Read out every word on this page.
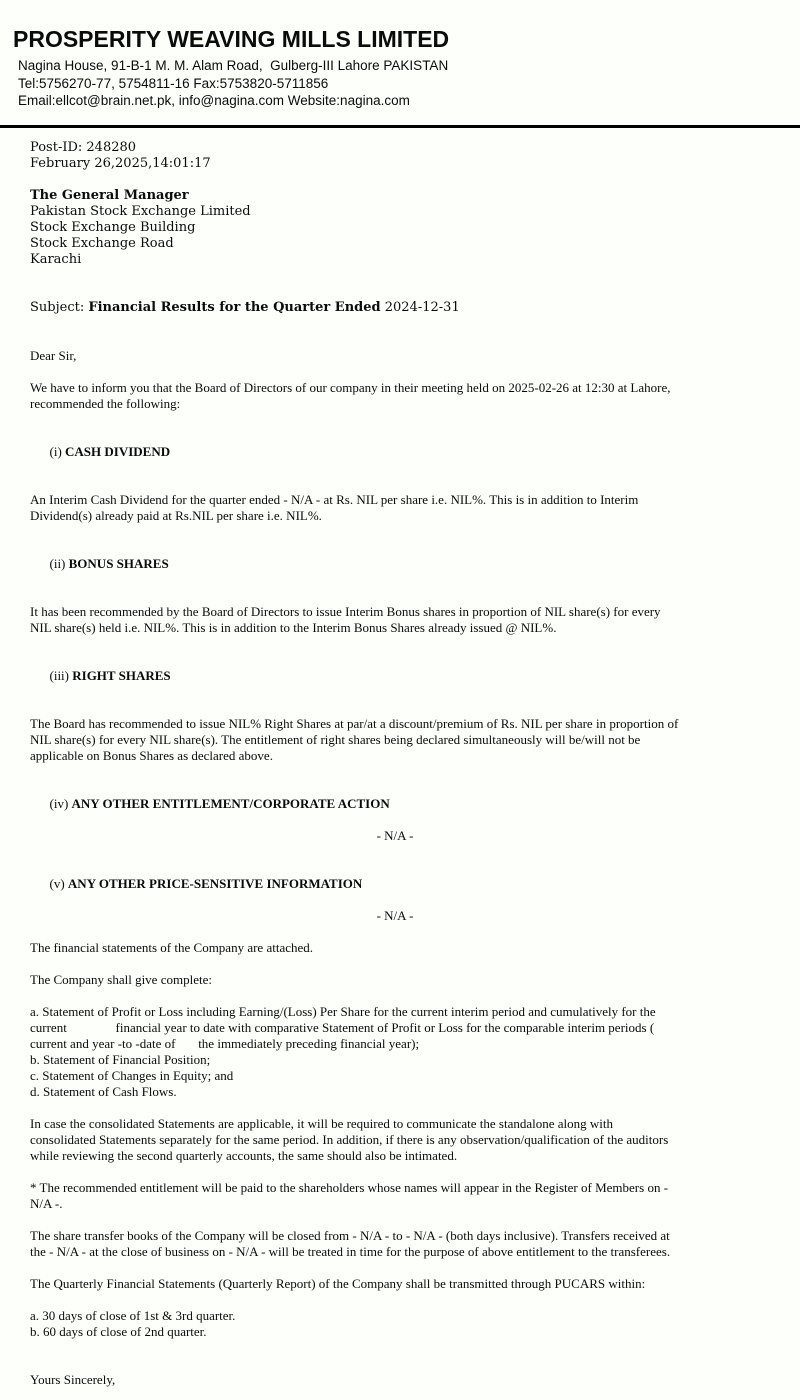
PROSPERITY WEAVING MILLS LIMITED
Nagina House, 91-B-1 M. M. Alam Road,  Gulberg-III Lahore PAKISTAN
Tel:5756270-77, 5754811-16 Fax:5753820-5711856
Email:ellcot@brain.net.pk, info@nagina.com Website:nagina.com
Post-ID: 248280
February 26,2025,14:01:17
The General Manager
Pakistan Stock Exchange Limited
Stock Exchange Building
Stock Exchange Road
Karachi
Subject: Financial Results for the Quarter Ended 2024-12-31
Dear Sir,
We have to inform you that the Board of Directors of our company in their meeting held on 2025-02-26 at 12:30 at Lahore,
recommended the following:

(i) CASH DIVIDEND

An Interim Cash Dividend for the quarter ended - N/A - at Rs. NIL per share i.e. NIL%. This is in addition to Interim
Dividend(s) already paid at Rs.NIL per share i.e. NIL%.

(ii) BONUS SHARES

It has been recommended by the Board of Directors to issue Interim Bonus shares in proportion of NIL share(s) for every
NIL share(s) held i.e. NIL%. This is in addition to the Interim Bonus Shares already issued @ NIL%.

(iii) RIGHT SHARES

The Board has recommended to issue NIL% Right Shares at par/at a discount/premium of Rs. NIL per share in proportion of
NIL share(s) for every NIL share(s). The entitlement of right shares being declared simultaneously will be/will not be
applicable on Bonus Shares as declared above.

(iv) ANY OTHER ENTITLEMENT/CORPORATE ACTION

- N/A -

(v) ANY OTHER PRICE-SENSITIVE INFORMATION

- N/A -
The financial statements of the Company are attached.
The Company shall give complete:
a. Statement of Profit or Loss including Earning/(Loss) Per Share for the current interim period and cumulatively for the
current               financial year to date with comparative Statement of Profit or Loss for the comparable interim periods (
current and year -to -date of       the immediately preceding financial year);
b. Statement of Financial Position;
c. Statement of Changes in Equity; and
d. Statement of Cash Flows.
In case the consolidated Statements are applicable, it will be required to communicate the standalone along with
consolidated Statements separately for the same period. In addition, if there is any observation/qualification of the auditors
while reviewing the second quarterly accounts, the same should also be intimated.
* The recommended entitlement will be paid to the shareholders whose names will appear in the Register of Members on -
N/A -.
The share transfer books of the Company will be closed from - N/A - to - N/A - (both days inclusive). Transfers received at
the - N/A - at the close of business on - N/A - will be treated in time for the purpose of above entitlement to the transferees.
The Quarterly Financial Statements (Quarterly Report) of the Company shall be transmitted through PUCARS within:
a. 30 days of close of 1st & 3rd quarter.
b. 60 days of close of 2nd quarter.
Yours Sincerely,
